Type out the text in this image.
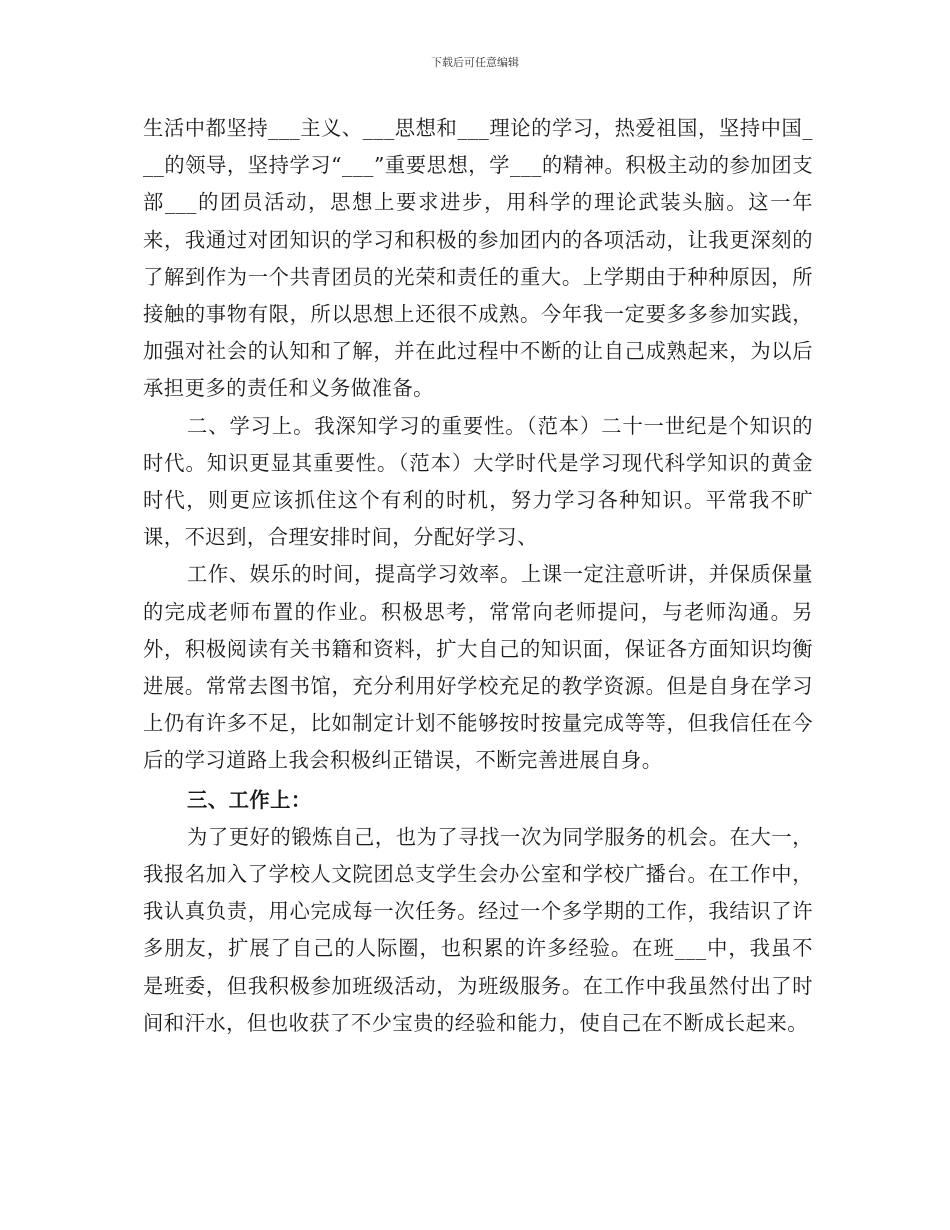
下载后可任意编辑

生活中都坚持___主义、___思想和___理论的学习，热爱祖国，坚持中国___的领导，坚持学习“___”重要思想，学___的精神。积极主动的参加团支部___的团员活动，思想上要求进步，用科学的理论武装头脑。这一年来，我通过对团知识的学习和积极的参加团内的各项活动，让我更深刻的了解到作为一个共青团员的光荣和责任的重大。上学期由于种种原因，所接触的事物有限，所以思想上还很不成熟。今年我一定要多多参加实践，加强对社会的认知和了解，并在此过程中不断的让自己成熟起来，为以后承担更多的责任和义务做准备。

二、学习上。我深知学习的重要性。（范本）二十一世纪是个知识的时代。知识更显其重要性。（范本）大学时代是学习现代科学知识的黄金时代，则更应该抓住这个有利的时机，努力学习各种知识。平常我不旷课，不迟到，合理安排时间，分配好学习、

工作、娱乐的时间，提高学习效率。上课一定注意听讲，并保质保量的完成老师布置的作业。积极思考，常常向老师提问，与老师沟通。另外，积极阅读有关书籍和资料，扩大自己的知识面，保证各方面知识均衡进展。常常去图书馆，充分利用好学校充足的教学资源。但是自身在学习上仍有许多不足，比如制定计划不能够按时按量完成等等，但我信任在今后的学习道路上我会积极纠正错误，不断完善进展自身。

三、工作上：

为了更好的锻炼自己，也为了寻找一次为同学服务的机会。在大一，我报名加入了学校人文院团总支学生会办公室和学校广播台。在工作中，我认真负责，用心完成每一次任务。经过一个多学期的工作，我结识了许多朋友，扩展了自己的人际圈，也积累的许多经验。在班___中，我虽不是班委，但我积极参加班级活动，为班级服务。在工作中我虽然付出了时间和汗水，但也收获了不少宝贵的经验和能力，使自己在不断成长起来。
